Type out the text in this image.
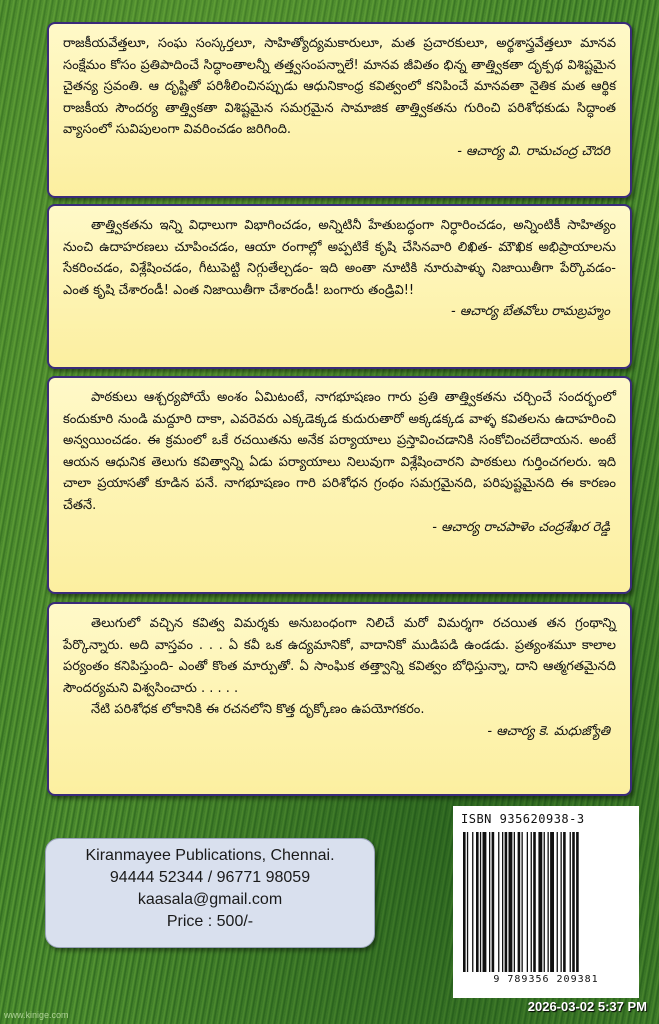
రాజకీయవేత్తలూ, సంఘ సంస్కర్తలూ, సాహిత్యోద్యమకారులూ, మత ప్రచారకులూ, అర్థశాస్త్రవేత్తలూ మానవ సంక్షేమం కోసం ప్రతిపాదించే సిద్ధాంతాలన్నీ తత్త్వసంపన్నాలే! మానవ జీవితం భిన్న తాత్త్వికతా దృక్పథ విశిష్టమైన చైతన్య స్రవంతి. ఆ దృష్టితో పరిశీలించినప్పుడు ఆధునికాంధ్ర కవిత్వంలో కనిపించే మానవతా నైతిక మత ఆర్థిక రాజకీయ సౌందర్య తాత్త్వికతా విశిష్టమైన సమగ్రమైన సామాజిక తాత్త్వికతను గురించి పరిశోధకుడు సిద్ధాంత వ్యాసంలో సువిపులంగా వివరించడం జరిగింది.

- ఆచార్య వి. రామచంద్ర చౌదరి

తాత్త్వికతను ఇన్ని విధాలుగా విభాగించడం, అన్నిటినీ హేతుబద్ధంగా నిర్ధారించడం, అన్నింటికీ సాహిత్యం నుంచి ఉదాహరణలు చూపించడం, ఆయా రంగాల్లో అప్పటికే కృషి చేసినవారి లిఖిత- మౌఖిక అభిప్రాయాలను సేకరించడం, విశ్లేషించడం, గీటుపెట్టి నిగ్గుతేల్చడం- ఇది అంతా నూటికి నూరుపాళ్ళు నిజాయితీగా పేర్కొవడం- ఎంత కృషి చేశారండీ! ఎంత నిజాయితీగా చేశారండీ! బంగారు తండ్రివి!!

- ఆచార్య బేతవోలు రామబ్రహ్మం

పాఠకులు ఆశ్చర్యపోయే అంశం ఏమిటంటే, నాగభూషణం గారు ప్రతి తాత్త్వికతను చర్చించే సందర్భంలో కందుకూరి నుండి మద్దూరి దాకా, ఎవరెవరు ఎక్కడెక్కడ కుదురుతారో అక్కడక్కడ వాళ్ళ కవితలను ఉదాహరించి అన్వయించడం. ఈ క్రమంలో ఒకే రచయితను అనేక పర్యాయాలు ప్రస్తావించడానికి సంకోచించలేదాయన. అంటే ఆయన ఆధునిక తెలుగు కవిత్వాన్ని ఏడు పర్యాయాలు నిలువుగా విశ్లేషించారని పాఠకులు గుర్తించగలరు. ఇది చాలా ప్రయాసతో కూడిన పనే. నాగభూషణం గారి పరిశోధన గ్రంథం సమగ్రమైనది, పరిపుష్టమైనది ఈ కారణం చేతనే.

- ఆచార్య రాచపాళెం చంద్రశేఖర రెడ్డి

తెలుగులో వచ్చిన కవిత్వ విమర్శకు అనుబంధంగా నిలిచే మరో విమర్శగా రచయిత తన గ్రంథాన్ని పేర్కొన్నారు. అది వాస్తవం . . . ఏ కవీ ఒక ఉద్యమానికో, వాదానికో ముడిపడి ఉండడు. ప్రత్యంశమూ కాలాల పర్యంతం కనిపిస్తుంది- ఎంతో కొంత మార్పుతో. ఏ సాంఘిక తత్త్వాన్ని కవిత్వం బోధిస్తున్నా, దాని ఆత్మగతమైనది సౌందర్యమని విశ్వసించారు . . . . .

నేటి పరిశోధక లోకానికి ఈ రచనలోని కొత్త దృక్కోణం ఉపయోగకరం.

- ఆచార్య కె. మధుజ్యోతి
ISBN 935620938-3
9 789356 209381
Kiranmayee Publications, Chennai.
94444 52344 / 96771 98059
kaasala@gmail.com
Price : 500/-
www.kinige.com
2026-03-02 5:37 PM
